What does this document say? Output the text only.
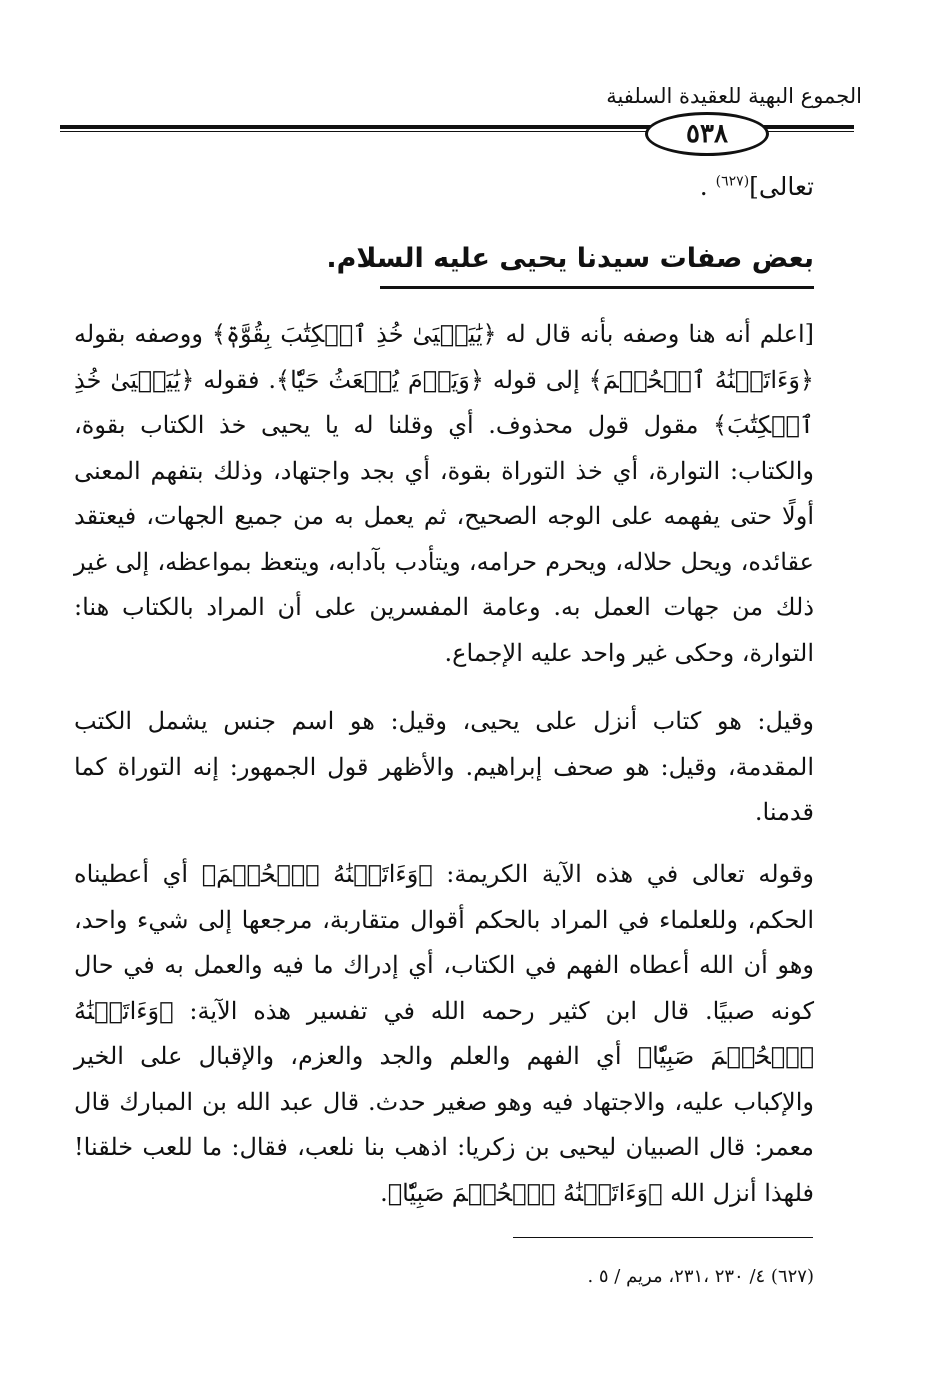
الجموع البهية للعقيدة السلفية
٥٣٨
تعالى]$^{(٦٢٧)}$ .
بعض صفات سيدنا يحيى عليه السلام.
[اعلم أنه هنا وصفه بأنه قال له ﴿يَٰيَحۡيَىٰ خُذِ ٱلۡكِتَٰبَ بِقُوَّةٖ﴾ ووصفه بقوله ﴿وَءَاتَيۡنَٰهُ ٱلۡحُكۡمَ﴾ إلى قوله ﴿وَيَوۡمَ يُبۡعَثُ حَيّٗا﴾. فقوله ﴿يَٰيَحۡيَىٰ خُذِ ٱلۡكِتَٰبَ﴾ مقول قول محذوف. أي وقلنا له يا يحيى خذ الكتاب بقوة، والكتاب: التوارة، أي خذ التوراة بقوة، أي بجد واجتهاد، وذلك بتفهم المعنى أولًا حتى يفهمه على الوجه الصحيح، ثم يعمل به من جميع الجهات، فيعتقد عقائده، ويحل حلاله، ويحرم حرامه، ويتأدب بآدابه، ويتعظ بمواعظه، إلى غير ذلك من جهات العمل به. وعامة المفسرين على أن المراد بالكتاب هنا: التوارة، وحكى غير واحد عليه الإجماع.
وقيل: هو كتاب أنزل على يحيى، وقيل: هو اسم جنس يشمل الكتب المقدمة، وقيل: هو صحف إبراهيم. والأظهر قول الجمهور: إنه التوراة كما قدمنا.
وقوله تعالى في هذه الآية الكريمة: ﴿وَءَاتَيۡنَٰهُ ٱلۡحُكۡمَ﴾ أي أعطيناه الحكم، وللعلماء في المراد بالحكم أقوال متقاربة، مرجعها إلى شيء واحد، وهو أن الله أعطاه الفهم في الكتاب، أي إدراك ما فيه والعمل به في حال كونه صبيًا. قال ابن كثير رحمه الله في تفسير هذه الآية: ﴿وَءَاتَيۡنَٰهُ ٱلۡحُكۡمَ صَبِيّٗا﴾ أي الفهم والعلم والجد والعزم، والإقبال على الخير والإكباب عليه، والاجتهاد فيه وهو صغير حدث. قال عبد الله بن المبارك قال معمر: قال الصبيان ليحيى بن زكريا: اذهب بنا نلعب، فقال: ما للعب خلقنا! فلهذا أنزل الله ﴿وَءَاتَيۡنَٰهُ ٱلۡحُكۡمَ صَبِيّٗا﴾.
(٦٢٧) ٤/ ٢٣٠ ،٢٣١، مريم / ٥ .
